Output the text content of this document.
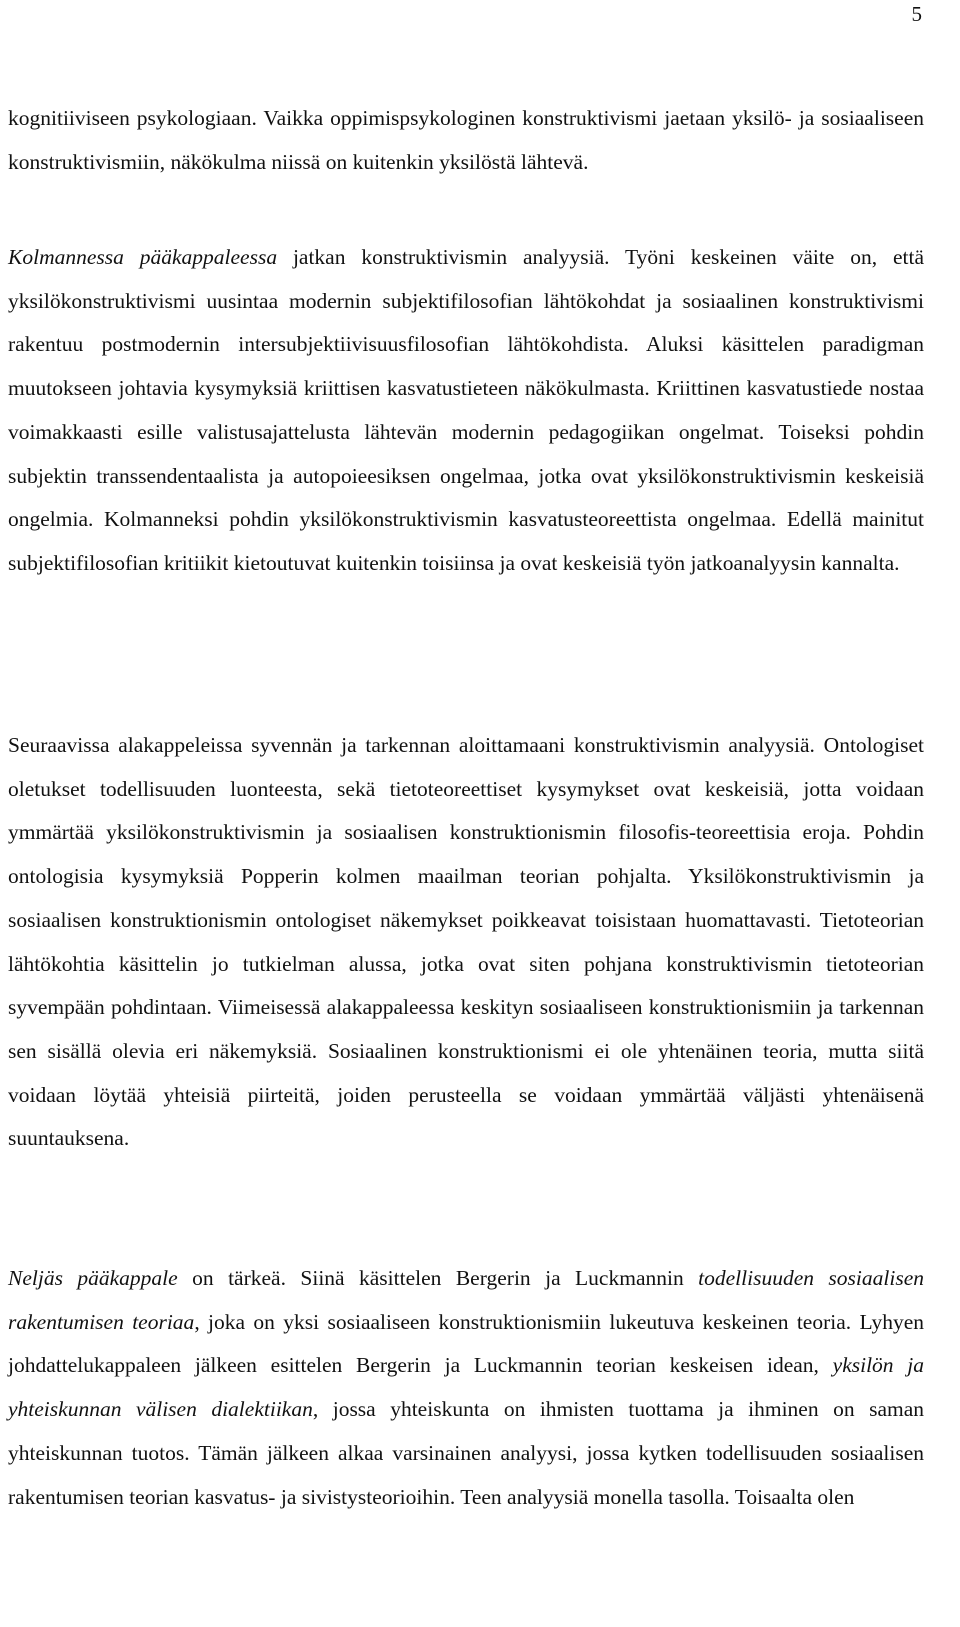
5

kognitiiviseen psykologiaan. Vaikka oppimispsykologinen konstruktivismi jaetaan yksilö- ja sosiaaliseen konstruktivismiin, näkökulma niissä on kuitenkin yksilöstä lähtevä.

Kolmannessa pääkappaleessa jatkan konstruktivismin analyysiä. Työni keskeinen väite on, että yksilökonstruktivismi uusintaa modernin subjektifilosofian lähtökohdat ja sosiaalinen konstruktivismi rakentuu postmodernin intersubjektiivisuusfilosofian lähtökohdista. Aluksi käsittelen paradigman muutokseen johtavia kysymyksiä kriittisen kasvatustieteen näkökulmasta. Kriittinen kasvatustiede nostaa voimakkaasti esille valistusajattelusta lähtevän modernin pedagogiikan ongelmat. Toiseksi pohdin subjektin transsendentaalista ja autopoieesiksen ongelmaa, jotka ovat yksilökonstruktivismin keskeisiä ongelmia. Kolmanneksi pohdin yksilökonstruktivismin kasvatusteoreettista ongelmaa. Edellä mainitut subjektifilosofian kritiikit kietoutuvat kuitenkin toisiinsa ja ovat keskeisiä työn jatkoanalyysin kannalta.

Seuraavissa alakappeleissa syvennän ja tarkennan aloittamaani konstruktivismin analyysiä. Ontologiset oletukset todellisuuden luonteesta, sekä tietoteoreettiset kysymykset ovat keskeisiä, jotta voidaan ymmärtää yksilökonstruktivismin ja sosiaalisen konstruktionismin filosofis-teoreettisia eroja. Pohdin ontologisia kysymyksiä Popperin kolmen maailman teorian pohjalta. Yksilökonstruktivismin ja sosiaalisen konstruktionismin ontologiset näkemykset poikkeavat toisistaan huomattavasti. Tietoteorian lähtökohtia käsittelin jo tutkielman alussa, jotka ovat siten pohjana konstruktivismin tietoteorian syvempään pohdintaan. Viimeisessä alakappaleessa keskityn sosiaaliseen konstruktionismiin ja tarkennan sen sisällä olevia eri näkemyksiä. Sosiaalinen konstruktionismi ei ole yhtenäinen teoria, mutta siitä voidaan löytää yhteisiä piirteitä, joiden perusteella se voidaan ymmärtää väljästi yhtenäisenä suuntauksena.

Neljäs pääkappale on tärkeä. Siinä käsittelen Bergerin ja Luckmannin todellisuuden sosiaalisen rakentumisen teoriaa, joka on yksi sosiaaliseen konstruktionismiin lukeutuva keskeinen teoria. Lyhyen johdattelukappaleen jälkeen esittelen Bergerin ja Luckmannin teorian keskeisen idean, yksilön ja yhteiskunnan välisen dialektiikan, jossa yhteiskunta on ihmisten tuottama ja ihminen on saman yhteiskunnan tuotos. Tämän jälkeen alkaa varsinainen analyysi, jossa kytken todellisuuden sosiaalisen rakentumisen teorian kasvatus- ja sivistysteorioihin. Teen analyysiä monella tasolla. Toisaalta olen
